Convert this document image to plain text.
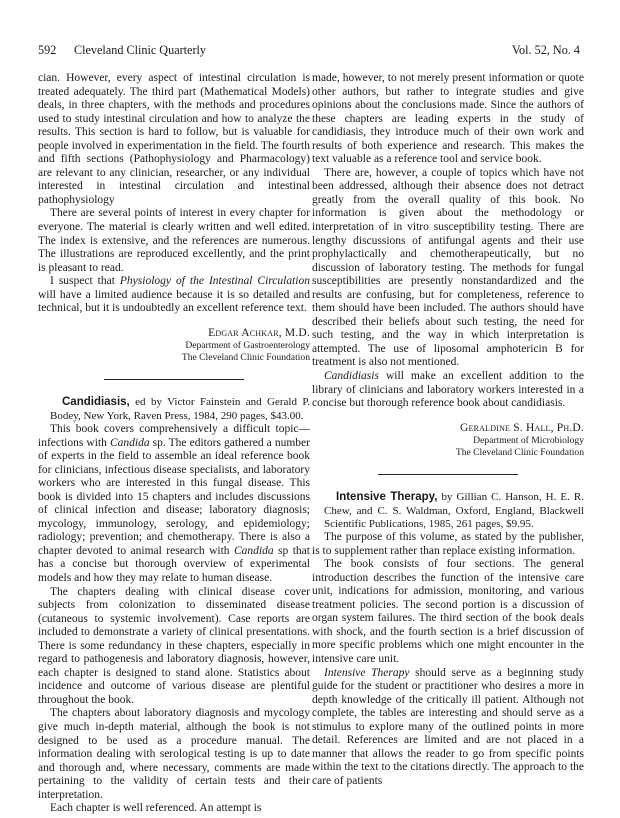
592 Cleveland Clinic Quarterly	Vol. 52, No. 4

cian. However, every aspect of intestinal circulation is treated adequately. The third part (Mathematical Models) deals, in three chapters, with the methods and procedures used to study intestinal circulation and how to analyze the results. This section is hard to follow, but is valuable for people involved in experimentation in the field. The fourth and fifth sections (Pathophysiology and Pharmacology) are relevant to any clinician, researcher, or any individual interested in intestinal circulation and intestinal pathophysiology

There are several points of interest in every chapter for everyone. The material is clearly written and well edited. The index is extensive, and the references are numerous. The illustrations are reproduced excellently, and the print is pleasant to read.

I suspect that Physiology of the Intestinal Circulation will have a limited audience because it is so detailed and technical, but it is undoubtedly an excellent reference text.

Edgar Achkar, M.D.
Department of Gastroenterology
The Cleveland Clinic Foundation

Candidiasis, ed by Victor Fainstein and Gerald P. Bodey, New York, Raven Press, 1984, 290 pages, $43.00.

This book covers comprehensively a difficult topic—infections with Candida sp. The editors gathered a number of experts in the field to assemble an ideal reference book for clinicians, infectious disease specialists, and laboratory workers who are interested in this fungal disease. This book is divided into 15 chapters and includes discussions of clinical infection and disease; laboratory diagnosis; mycology, immunology, serology, and epidemiology; radiology; prevention; and chemotherapy. There is also a chapter devoted to animal research with Candida sp that has a concise but thorough overview of experimental models and how they may relate to human disease.

The chapters dealing with clinical disease cover subjects from colonization to disseminated disease (cutaneous to systemic involvement). Case reports are included to demonstrate a variety of clinical presentations. There is some redundancy in these chapters, especially in regard to pathogenesis and laboratory diagnosis, however, each chapter is designed to stand alone. Statistics about incidence and outcome of various disease are plentiful throughout the book.

The chapters about laboratory diagnosis and mycology give much in-depth material, although the book is not designed to be used as a procedure manual. The information dealing with serological testing is up to date and thorough and, where necessary, comments are made pertaining to the validity of certain tests and their interpretation.

Each chapter is well referenced. An attempt is

made, however, to not merely present information or quote other authors, but rather to integrate studies and give opinions about the conclusions made. Since the authors of these chapters are leading experts in the study of candidiasis, they introduce much of their own work and results of both experience and research. This makes the text valuable as a reference tool and service book.

There are, however, a couple of topics which have not been addressed, although their absence does not detract greatly from the overall quality of this book. No information is given about the methodology or interpretation of in vitro susceptibility testing. There are lengthy discussions of antifungal agents and their use prophylactically and chemotherapeutically, but no discussion of laboratory testing. The methods for fungal susceptibilities are presently nonstandardized and the results are confusing, but for completeness, reference to them should have been included. The authors should have described their beliefs about such testing, the need for such testing, and the way in which interpretation is attempted. The use of liposomal amphotericin B for treatment is also not mentioned.

Candidiasis will make an excellent addition to the library of clinicians and laboratory workers interested in a concise but thorough reference book about candidiasis.

Geraldine S. Hall, Ph.D.
Department of Microbiology
The Cleveland Clinic Foundation

Intensive Therapy, by Gillian C. Hanson, H. E. R. Chew, and C. S. Waldman, Oxford, England, Blackwell Scientific Publications, 1985, 261 pages, $9.95.

The purpose of this volume, as stated by the publisher, is to supplement rather than replace existing information.

The book consists of four sections. The general introduction describes the function of the intensive care unit, indications for admission, monitoring, and various treatment policies. The second portion is a discussion of organ system failures. The third section of the book deals with shock, and the fourth section is a brief discussion of more specific problems which one might encounter in the intensive care unit.

Intensive Therapy should serve as a beginning study guide for the student or practitioner who desires a more in depth knowledge of the critically ill patient. Although not complete, the tables are interesting and should serve as a stimulus to explore many of the outlined points in more detail. References are limited and are not placed in a manner that allows the reader to go from specific points within the text to the citations directly. The approach to the care of patients
